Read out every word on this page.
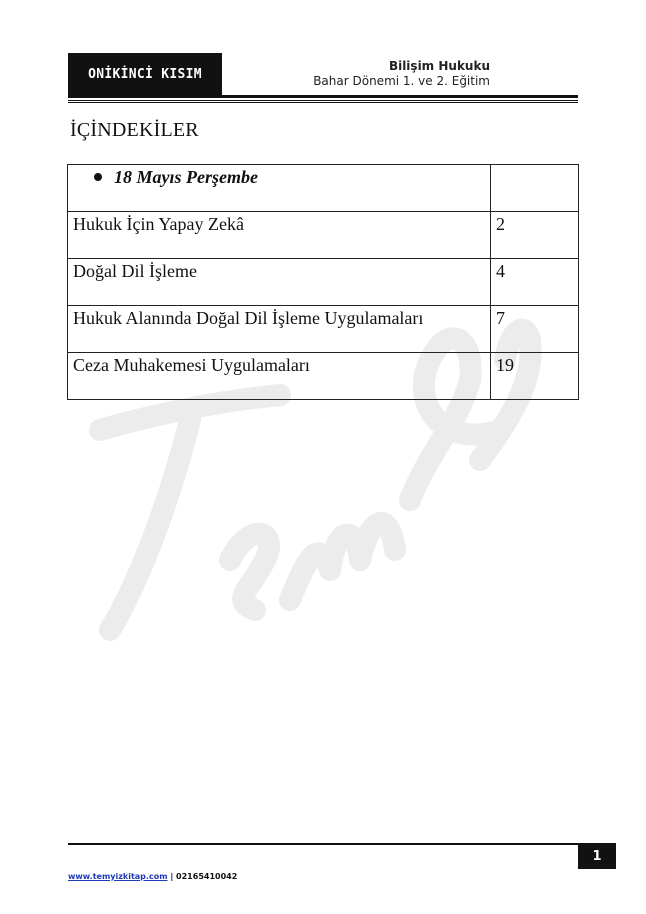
ONİKİNCİ KISIM
Bilişim Hukuku
Bahar Dönemi 1. ve 2. Eğitim
İÇİNDEKİLER
18 Mayıs Perşembe	
Hukuk İçin Yapay Zekâ	2
Doğal Dil İşleme	4
Hukuk Alanında Doğal Dil İşleme Uygulamaları	7
Ceza Muhakemesi Uygulamaları	19
1
www.temyizkitap.com | 02165410042
